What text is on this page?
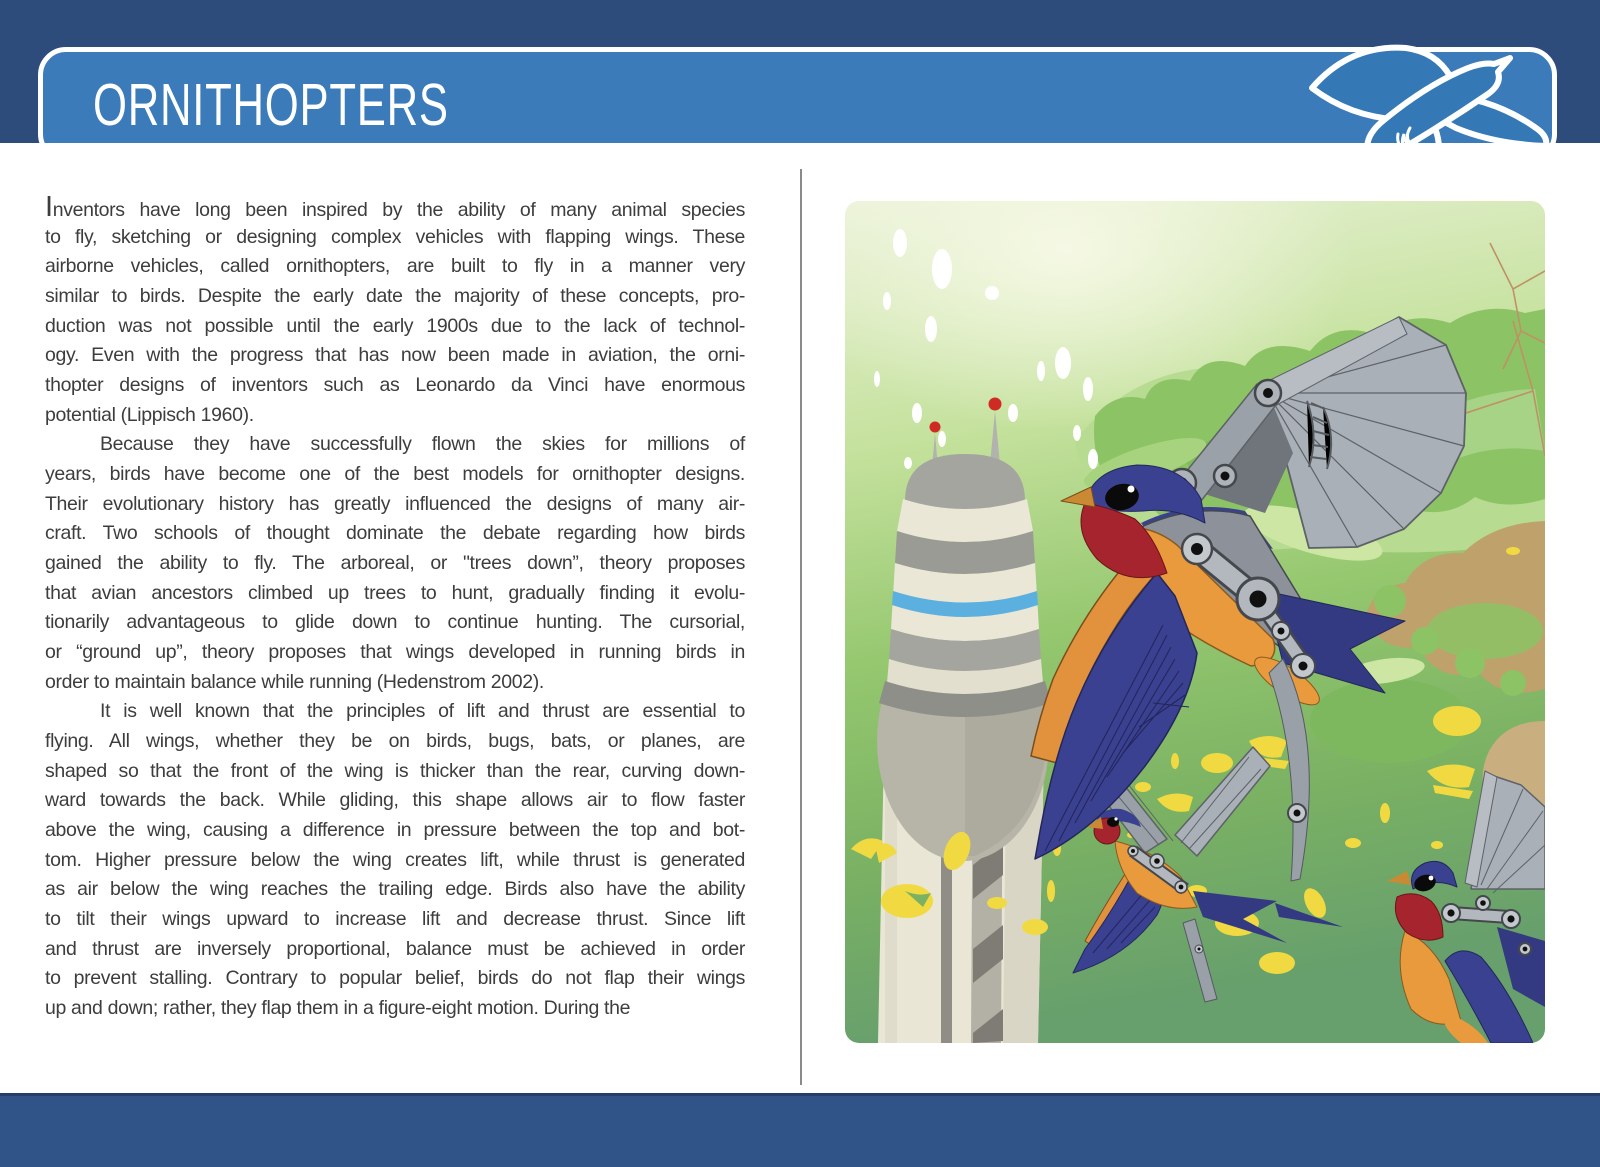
ORNITHOPTERS
Inventors have long been inspired by the ability of many animal species
to fly, sketching or designing complex vehicles with flapping wings. These
airborne vehicles, called ornithopters, are built to fly in a manner very
similar to birds. Despite the early date the majority of these concepts, pro-
duction was not possible until the early 1900s due to the lack of technol-
ogy. Even with the progress that has now been made in aviation, the orni-
thopter designs of inventors such as Leonardo da Vinci have enormous
potential (Lippisch 1960).
Because they have successfully flown the skies for millions of
years, birds have become one of the best models for ornithopter designs.
Their evolutionary history has greatly influenced the designs of many air-
craft. Two schools of thought dominate the debate regarding how birds
gained the ability to fly. The arboreal, or "trees down”, theory proposes
that avian ancestors climbed up trees to hunt, gradually finding it evolu-
tionarily advantageous to glide down to continue hunting. The cursorial,
or “ground up”, theory proposes that wings developed in running birds in
order to maintain balance while running (Hedenstrom 2002).
It is well known that the principles of lift and thrust are essential to
flying. All wings, whether they be on birds, bugs, bats, or planes, are
shaped so that the front of the wing is thicker than the rear, curving down-
ward towards the back. While gliding, this shape allows air to flow faster
above the wing, causing a difference in pressure between the top and bot-
tom. Higher pressure below the wing creates lift, while thrust is generated
as air below the wing reaches the trailing edge. Birds also have the ability
to tilt their wings upward to increase lift and decrease thrust. Since lift
and thrust are inversely proportional, balance must be achieved in order
to prevent stalling. Contrary to popular belief, birds do not flap their wings
up and down; rather, they flap them in a figure-eight motion. During the
